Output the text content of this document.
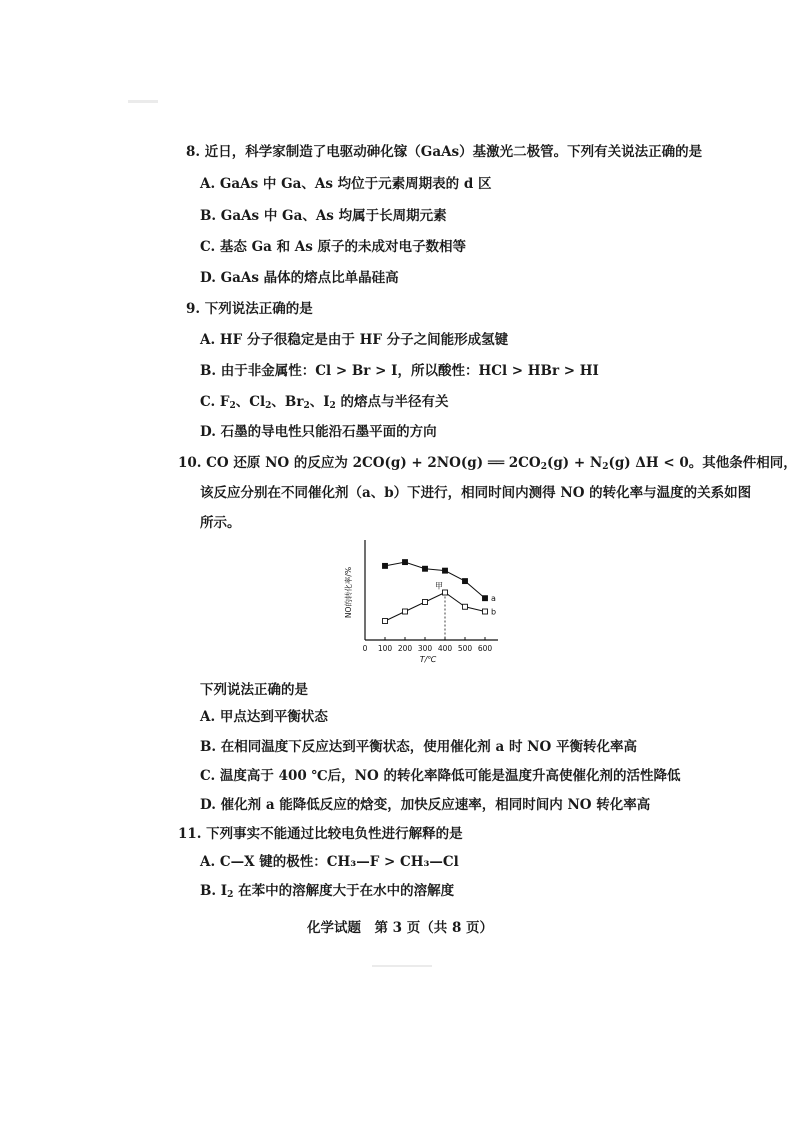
8. 近日，科学家制造了电驱动砷化镓（GaAs）基激光二极管。下列有关说法正确的是
A. GaAs 中 Ga、As 均位于元素周期表的 d 区
B. GaAs 中 Ga、As 均属于长周期元素
C. 基态 Ga 和 As 原子的未成对电子数相等
D. GaAs 晶体的熔点比单晶硅高
9. 下列说法正确的是
A. HF 分子很稳定是由于 HF 分子之间能形成氢键
B. 由于非金属性：Cl > Br > I，所以酸性：HCl > HBr > HI
C. $F_2$、$Cl_2$、$Br_2$、$I_2$ 的熔点与半径有关
D. 石墨的导电性只能沿石墨平面的方向
10. CO 还原 NO 的反应为 2CO(g) + 2NO(g) ══ $2CO_2(g) + N_2(g) \Delta H < 0$。其他条件相同，
该反应分别在不同催化剂（a、b）下进行，相同时间内测得 NO 的转化率与温度的关系如图
所示。
0 100 200 300 400 500 600
T/℃
NO的转化率/%	甲
a
b
下列说法正确的是
A. 甲点达到平衡状态
B. 在相同温度下反应达到平衡状态，使用催化剂 a 时 NO 平衡转化率高
C. 温度高于 400 ℃后，NO 的转化率降低可能是温度升高使催化剂的活性降低
D. 催化剂 a 能降低反应的焓变，加快反应速率，相同时间内 NO 转化率高
11. 下列事实不能通过比较电负性进行解释的是
A. C—X 键的极性：CH₃—F > CH₃—Cl
B. $I_2$ 在苯中的溶解度大于在水中的溶解度
化学试题　第 3 页（共 8 页）
